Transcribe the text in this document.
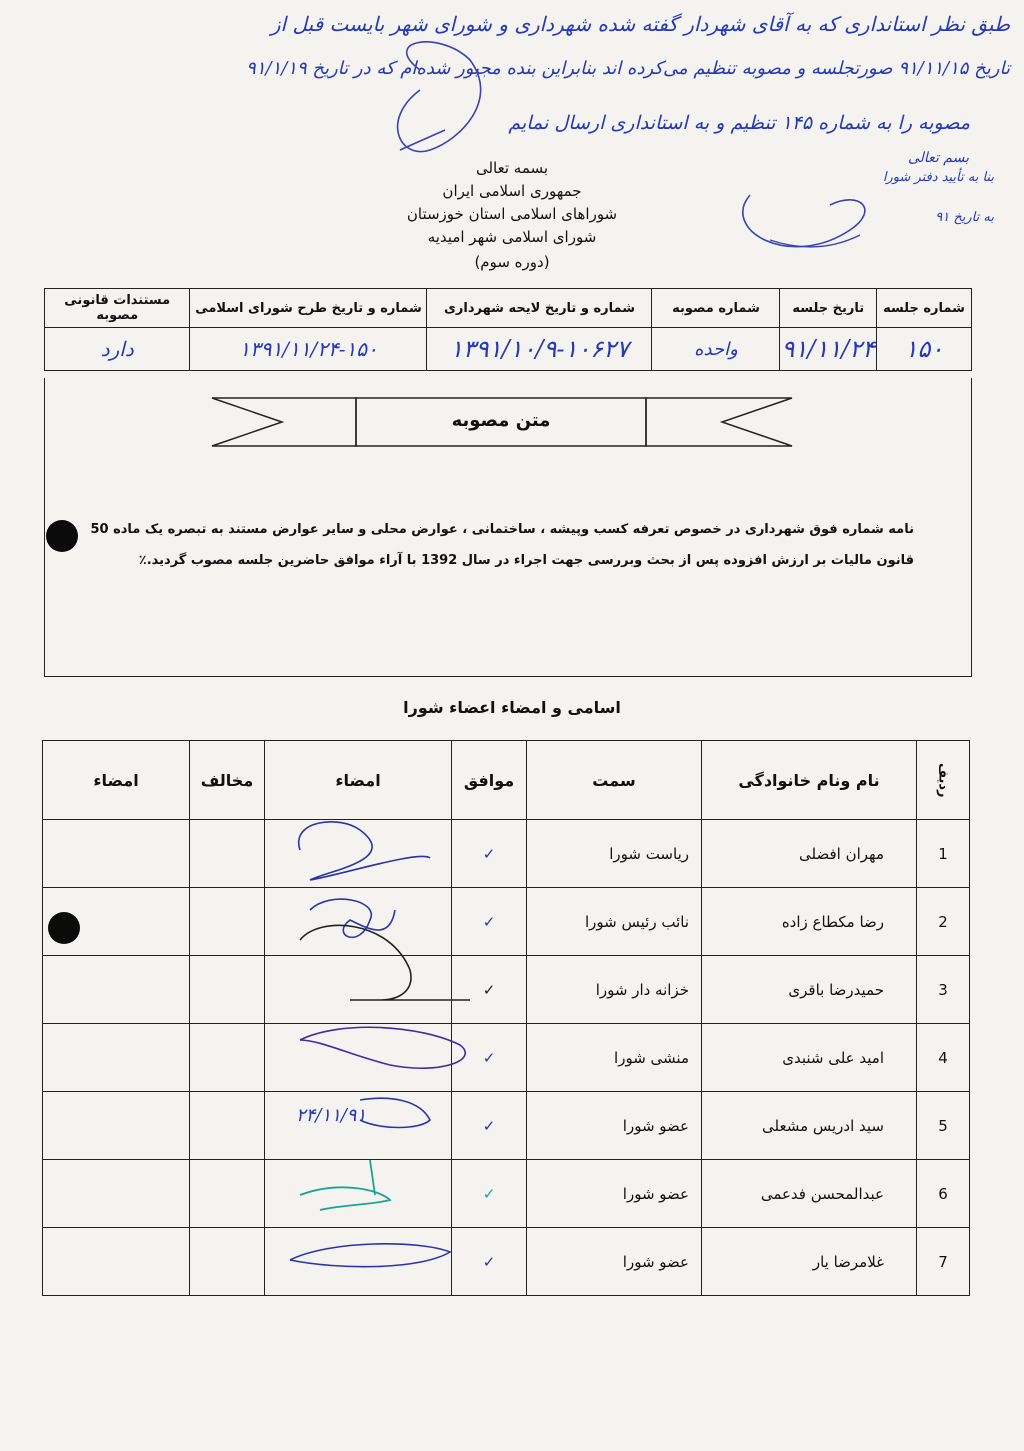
طبق نظر استانداری که به آقای شهردار گفته شده شهرداری و شورای شهر بایست قبل از
تاریخ ۹۱/۱۱/۱۵ صورتجلسه و مصوبه تنظیم می‌کرده اند بنابراین بنده مجبور شده‌ام که در تاریخ ۹۱/۱/۱۹
مصوبه را به شماره ۱۴۵ تنظیم و به استانداری ارسال نمایم
بسم تعالی
بنا به تأیید دفتر شورا
به تاریخ ۹۱
بسمه تعالی
جمهوری اسلامی ایران
شوراهای اسلامی استان خوزستان
شورای اسلامی شهر امیدیه
(دوره سوم)
شماره جلسه	تاریخ جلسه	شماره مصوبه	شماره و تاریخ لایحه شهرداری	شماره و تاریخ طرح شورای اسلامی	مستندات قانونی مصوبه
۱۵۰	۹۱/۱۱/۲۴	واحده	۱۳۹۱/۱۰/۹-۱۰۶۲۷	۱۳۹۱/۱۱/۲۴-۱۵۰	دارد
متن مصوبه
نامه شماره فوق شهرداری در خصوص تعرفه کسب وپیشه ، ساختمانی ، عوارض محلی و سایر عوارض مستند به تبصره یک ماده 50
قانون مالیات بر ارزش افزوده پس از بحث وبررسی جهت اجراء در سال 1392 با آراء موافق حاضرین جلسه مصوب گردید.٪
اسامی و امضاء اعضاء شورا
ردیف	نام ونام خانوادگی	سمت	موافق	امضاء	مخالف	امضاء
1	مهران افضلی	ریاست شورا	✓			
2	رضا مکطاع زاده	نائب رئیس شورا	✓			
3	حمیدرضا باقری	خزانه دار شورا	✓			
4	امید علی شنبدی	منشی شورا	✓			
5	سید ادریس مشعلی	عضو شورا	✓			
6	عبدالمحسن فدعمی	عضو شورا	✓			
7	غلامرضا یار	عضو شورا	✓			
۲۴/۱۱/۹۱
